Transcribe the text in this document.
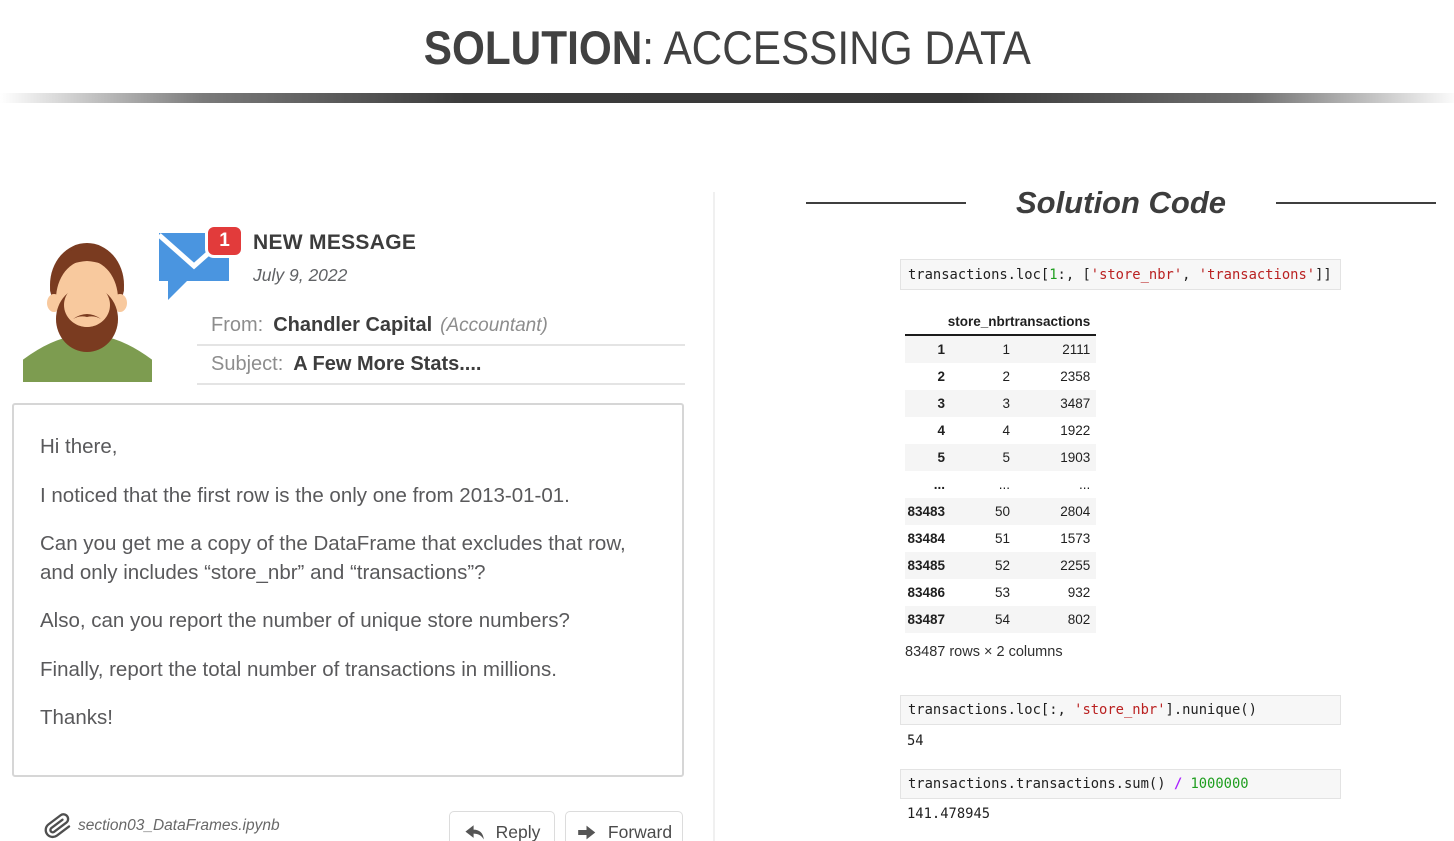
SOLUTION: ACCESSING DATA
1 NEW MESSAGE
July 9, 2022
From: Chandler Capital (Accountant)
Subject: A Few More Stats....

Hi there,

I noticed that the first row is the only one from 2013-01-01.

Can you get me a copy of the DataFrame that excludes that row, and only includes “store_nbr” and “transactions”?

Also, can you report the number of unique store numbers?

Finally, report the total number of transactions in millions.

Thanks!

section03_DataFrames.ipynb	Reply	Forward
Solution Code
transactions.loc[ 1 :, [ 'store_nbr' , 'transactions' ]]
	store_nbr	transactions
1	1	2111
2	2	2358
3	3	3487
4	4	1922
5	5	1903
...	...	...
83483	50	2804
83484	51	1573
83485	52	2255
83486	53	932
83487	54	802
83487 rows × 2 columns
transactions.loc[:, 'store_nbr' ].nunique()
54
transactions.transactions.sum() /
1000000
141.478945
